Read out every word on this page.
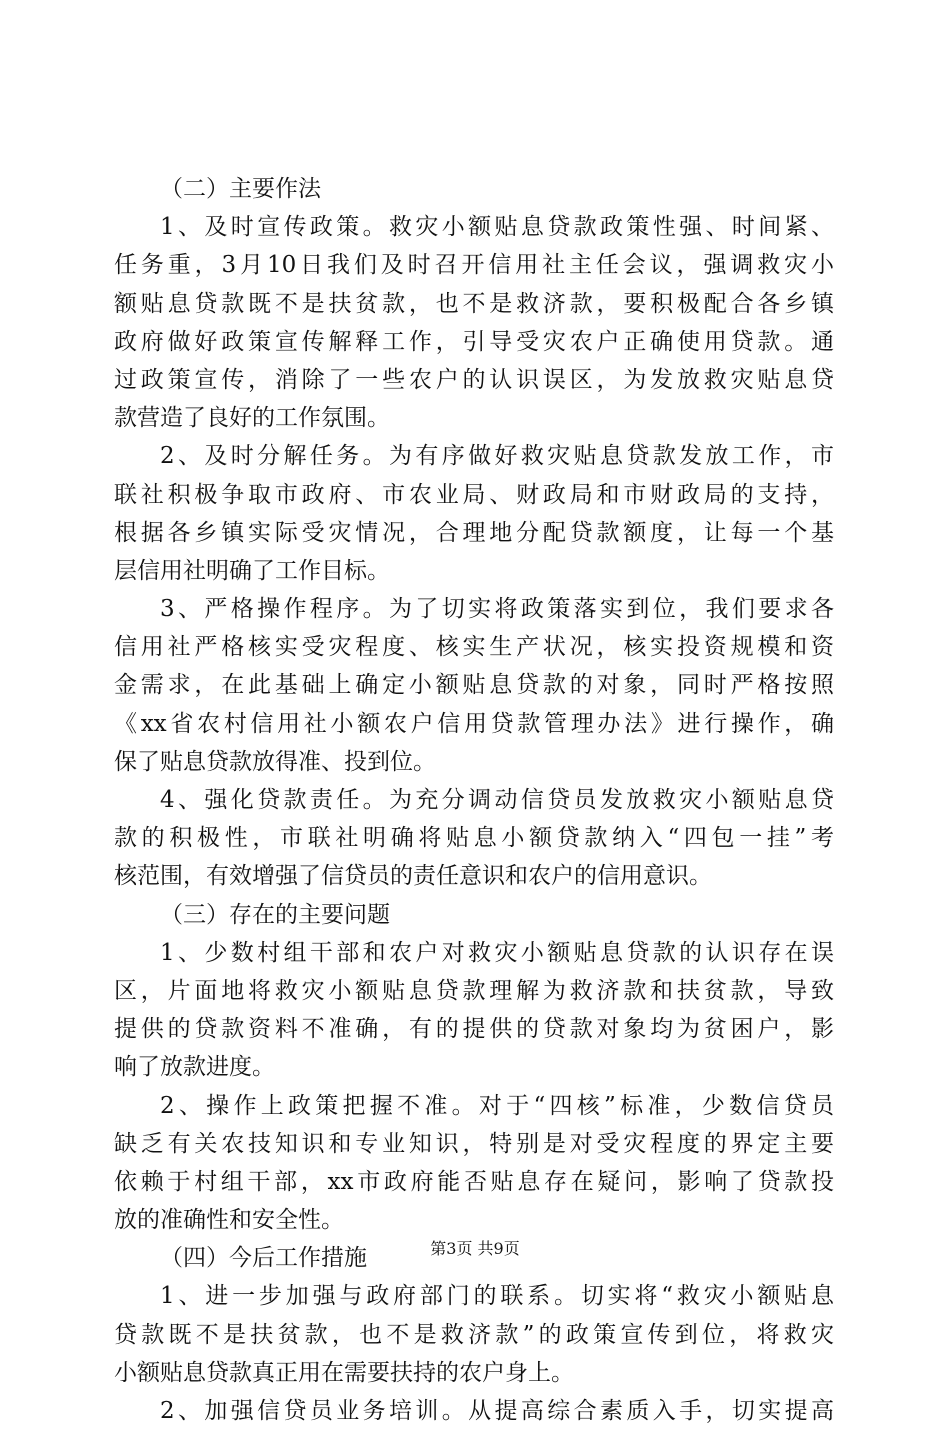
（二）主要作法
1、及时宣传政策。救灾小额贴息贷款政策性强、时间紧、
任务重，3月10日我们及时召开信用社主任会议，强调救灾小
额贴息贷款既不是扶贫款，也不是救济款，要积极配合各乡镇
政府做好政策宣传解释工作，引导受灾农户正确使用贷款。通
过政策宣传，消除了一些农户的认识误区，为发放救灾贴息贷
款营造了良好的工作氛围。
2、及时分解任务。为有序做好救灾贴息贷款发放工作，市
联社积极争取市政府、市农业局、财政局和市财政局的支持，
根据各乡镇实际受灾情况，合理地分配贷款额度，让每一个基
层信用社明确了工作目标。
3、严格操作程序。为了切实将政策落实到位，我们要求各
信用社严格核实受灾程度、核实生产状况，核实投资规模和资
金需求，在此基础上确定小额贴息贷款的对象，同时严格按照
《xx省农村信用社小额农户信用贷款管理办法》进行操作，确
保了贴息贷款放得准、投到位。
4、强化贷款责任。为充分调动信贷员发放救灾小额贴息贷
款的积极性，市联社明确将贴息小额贷款纳入“四包一挂”考
核范围，有效增强了信贷员的责任意识和农户的信用意识。
（三）存在的主要问题
1、少数村组干部和农户对救灾小额贴息贷款的认识存在误
区，片面地将救灾小额贴息贷款理解为救济款和扶贫款，导致
提供的贷款资料不准确，有的提供的贷款对象均为贫困户，影
响了放款进度。
2、操作上政策把握不准。对于“四核”标准，少数信贷员
缺乏有关农技知识和专业知识，特别是对受灾程度的界定主要
依赖于村组干部，xx市政府能否贴息存在疑问，影响了贷款投
放的准确性和安全性。
（四）今后工作措施
1、进一步加强与政府部门的联系。切实将“救灾小额贴息
贷款既不是扶贫款，也不是救济款”的政策宣传到位，将救灾
小额贴息贷款真正用在需要扶持的农户身上。
2、加强信贷员业务培训。从提高综合素质入手，切实提高
第3页 共9页
